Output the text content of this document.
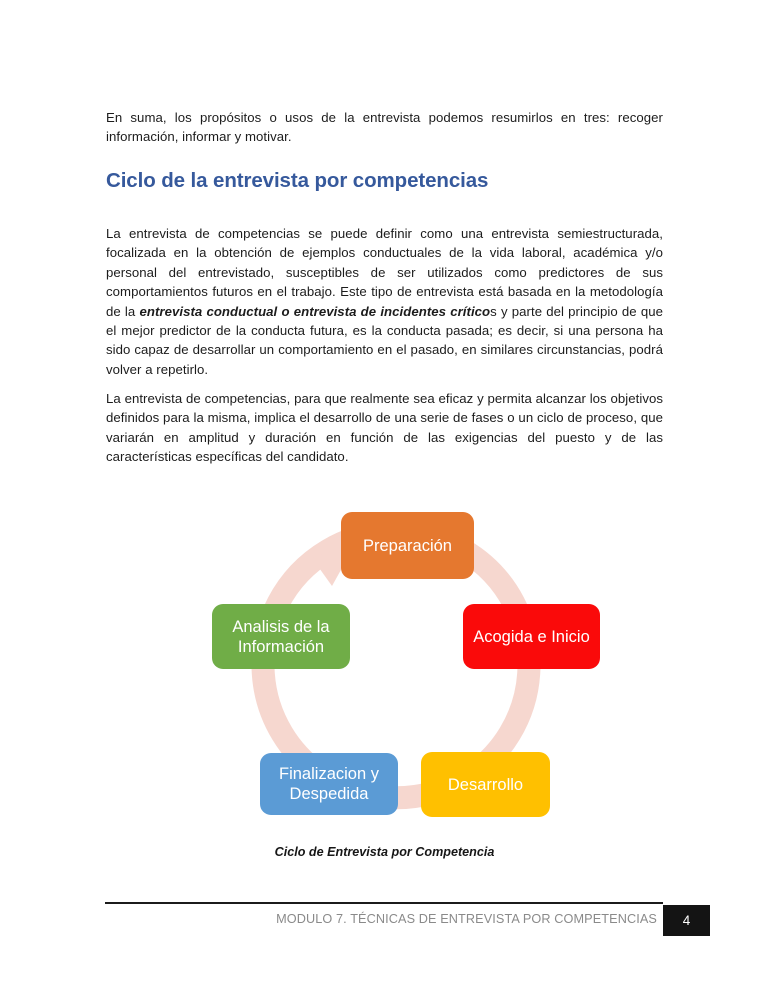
En suma, los propósitos o usos de la entrevista podemos resumirlos en tres: recoger información, informar y motivar.

Ciclo de la entrevista por competencias

La entrevista de competencias se puede definir como una entrevista semiestructurada, focalizada en la obtención de ejemplos conductuales de la vida laboral, académica y/o personal del entrevistado, susceptibles de ser utilizados como predictores de sus comportamientos futuros en el trabajo. Este tipo de entrevista está basada en la metodología de la entrevista conductual o entrevista de incidentes críticos y parte del principio de que el mejor predictor de la conducta futura, es la conducta pasada; es decir, si una persona ha sido capaz de desarrollar un comportamiento en el pasado, en similares circunstancias, podrá volver a repetirlo.

La entrevista de competencias, para que realmente sea eficaz y permita alcanzar los objetivos definidos para la misma, implica el desarrollo de una serie de fases o un ciclo de proceso, que variarán en amplitud y duración en función de las exigencias del puesto y de las características específicas del candidato.

Preparación
Acogida e Inicio
Desarrollo
Finalizacion y Despedida
Analisis de la Información
Ciclo de Entrevista por Competencia
MODULO 7. TÉCNICAS DE ENTREVISTA POR COMPETENCIAS 4
